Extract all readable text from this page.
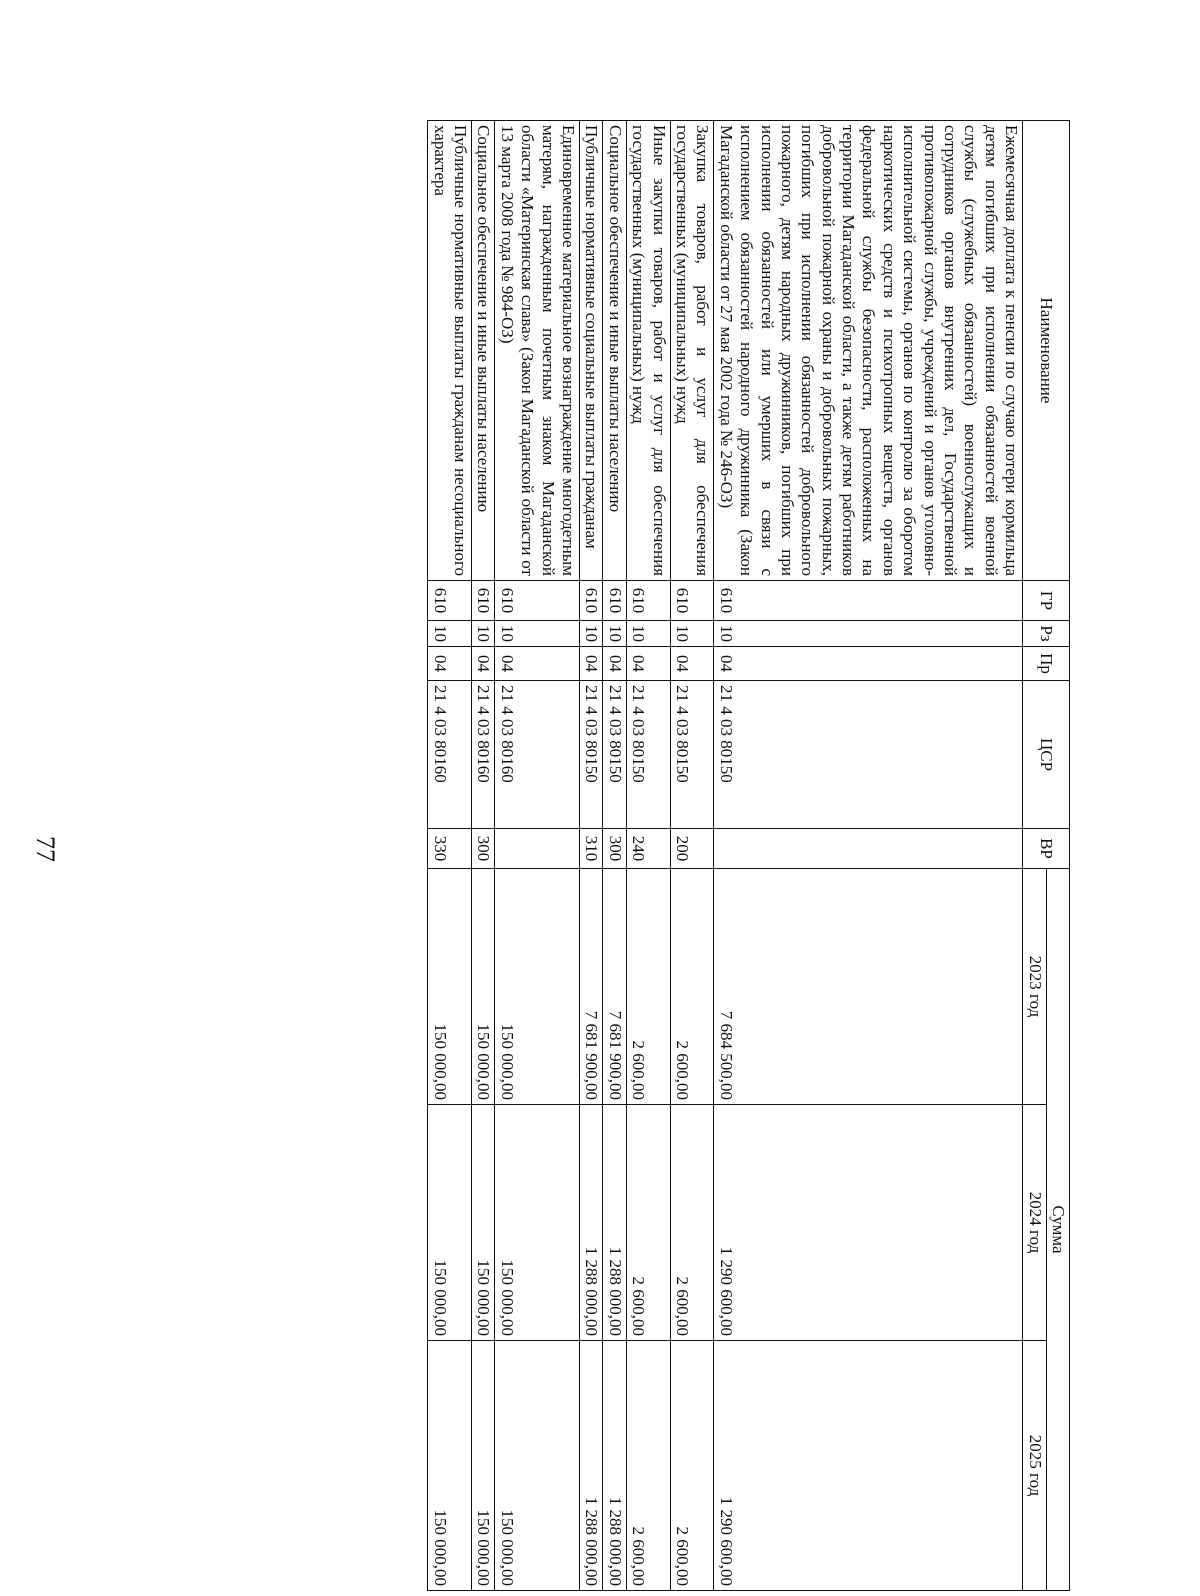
77
Наименование	ГР	Рз	Пр	ЦСР	ВР	Сумма		
						2023 год	2024 год	2025 год
Ежемесячная доплата к пенсии по случаю потери кормильца детям погибших при исполнении обязанностей военной службы (служебных обязанностей) военнослужащих и сотрудников органов внутренних дел, Государственной противопожарной службы, учреждений и органов уголовно-исполнительной системы, органов по контролю за оборотом наркотических средств и психотропных веществ, органов федеральной службы безопасности, расположенных на территории Магаданской области, а также детям работников добровольной пожарной охраны и добровольных пожарных, погибших при исполнении обязанностей добровольного пожарного, детям народных дружинников, погибших при исполнении обязанностей или умерших в связи с исполнением обязанностей народного дружинника (Закон Магаданской области от 27 мая 2002 года № 246-ОЗ)	610	10	04	21 4 03 80150		7 684 500,00	1 290 600,00	1 290 600,00
Закупка товаров, работ и услуг для обеспечения государственных (муниципальных) нужд	610	10	04	21 4 03 80150	200	2 600,00	2 600,00	2 600,00
Иные закупки товаров, работ и услуг для обеспечения государственных (муниципальных) нужд	610	10	04	21 4 03 80150	240	2 600,00	2 600,00	2 600,00
Социальное обеспечение и иные выплаты населению	610	10	04	21 4 03 80150	300	7 681 900,00	1 288 000,00	1 288 000,00
Публичные нормативные социальные выплаты гражданам	610	10	04	21 4 03 80150	310	7 681 900,00	1 288 000,00	1 288 000,00
Единовременное материальное вознаграждение многодетным матерям, награжденным почетным знаком Магаданской области «Материнская слава» (Закон Магаданской области от 13 марта 2008 года № 984-ОЗ)	610	10	04	21 4 03 80160		150 000,00	150 000,00	150 000,00
Социальное обеспечение и иные выплаты населению	610	10	04	21 4 03 80160	300	150 000,00	150 000,00	150 000,00
Публичные нормативные выплаты гражданам несоциального характера	610	10	04	21 4 03 80160	330	150 000,00	150 000,00	150 000,00
